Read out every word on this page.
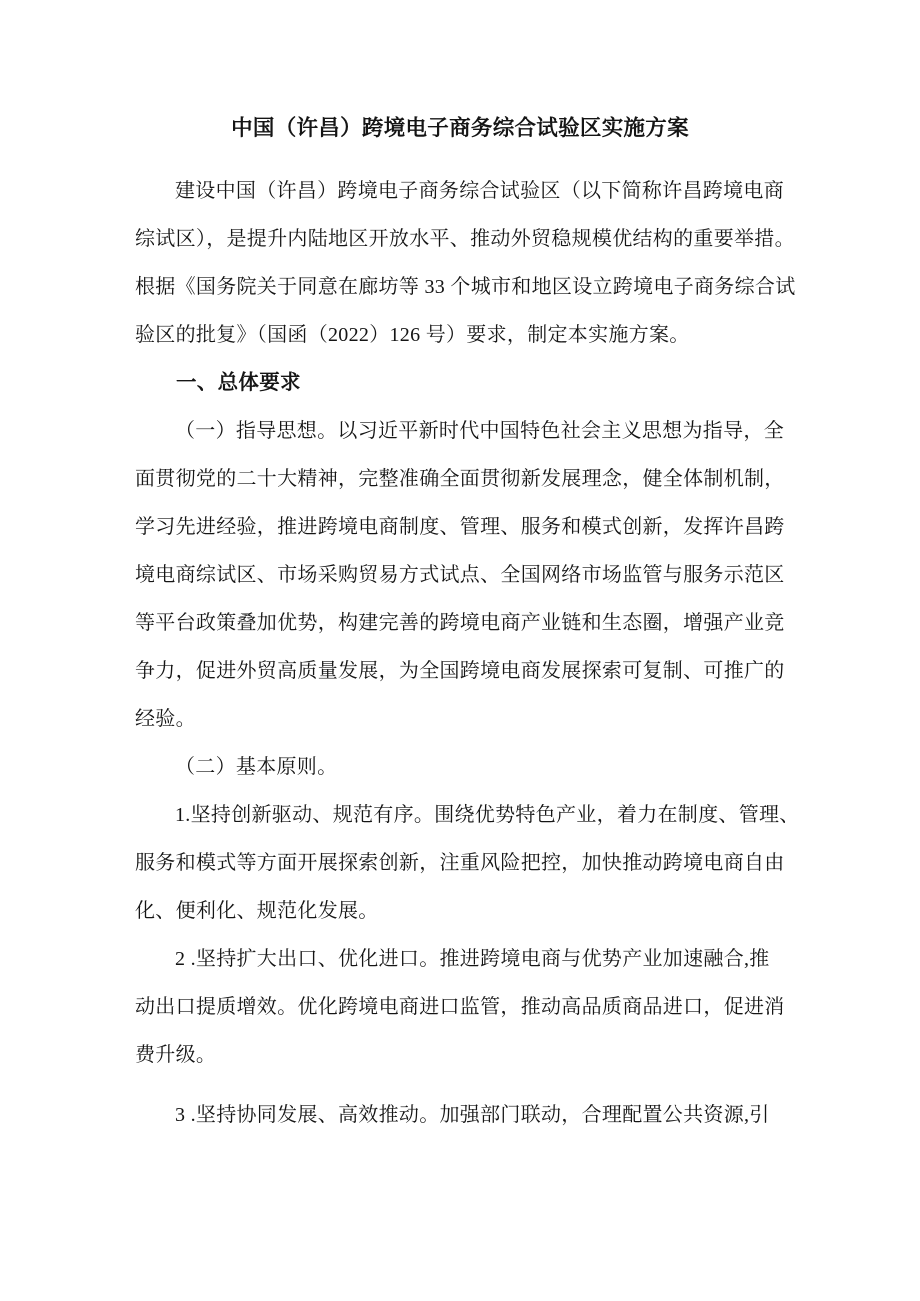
中国（许昌）跨境电子商务综合试验区实施方案

建设中国（许昌）跨境电子商务综合试验区（以下简称许昌跨境电商
综试区），是提升内陆地区开放水平、推动外贸稳规模优结构的重要举措。
根据《国务院关于同意在廊坊等 33 个城市和地区设立跨境电子商务综合试
验区的批复》（国函（2022）126 号）要求，制定本实施方案。

一、总体要求

（一）指导思想。以习近平新时代中国特色社会主义思想为指导，全
面贯彻党的二十大精神，完整准确全面贯彻新发展理念，健全体制机制，
学习先进经验，推进跨境电商制度、管理、服务和模式创新，发挥许昌跨
境电商综试区、市场采购贸易方式试点、全国网络市场监管与服务示范区
等平台政策叠加优势，构建完善的跨境电商产业链和生态圈，增强产业竞
争力，促进外贸高质量发展，为全国跨境电商发展探索可复制、可推广的
经验。

（二）基本原则。

1.坚持创新驱动、规范有序。围绕优势特色产业，着力在制度、管理、
服务和模式等方面开展探索创新，注重风险把控，加快推动跨境电商自由
化、便利化、规范化发展。

2 .坚持扩大出口、优化进口。推进跨境电商与优势产业加速融合,推
动出口提质增效。优化跨境电商进口监管，推动高品质商品进口，促进消
费升级。

3 .坚持协同发展、高效推动。加强部门联动，合理配置公共资源,引
